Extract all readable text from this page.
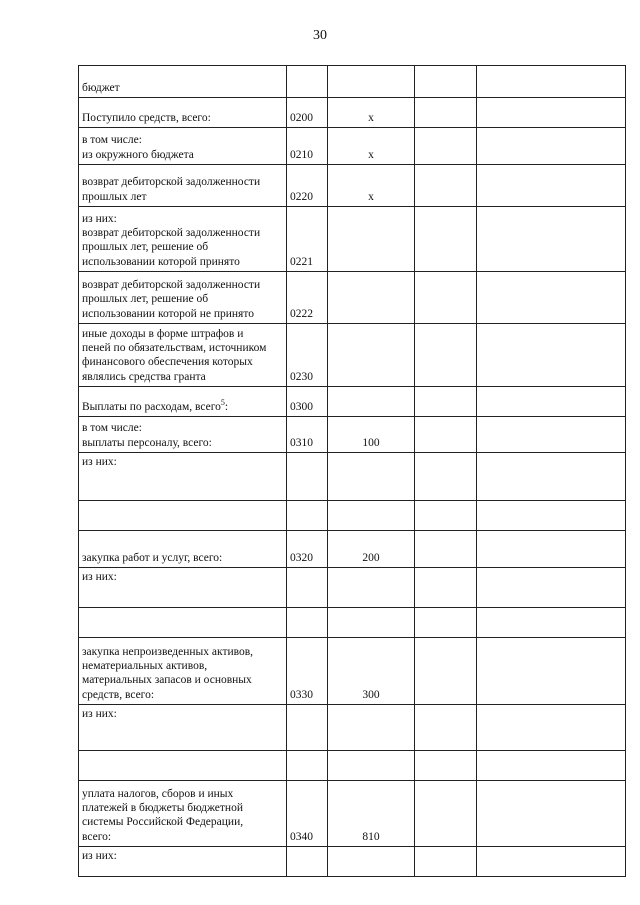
30
бюджет				

Поступило средств, всего:	0200	x		

в том числе:
из окружного бюджета	0210	x		

возврат дебиторской задолженности
прошлых лет	0220	x		

из них:
возврат дебиторской задолженности
прошлых лет, решение об
использовании которой принято	0221			

возврат дебиторской задолженности
прошлых лет, решение об
использовании которой не принято	0222			

иные доходы в форме штрафов и
пеней по обязательствам, источником
финансового обеспечения которых
являлись средства гранта	0230			

Выплаты по расходам, всего$^5$:	0300			

в том числе:
выплаты персоналу, всего:	0310	100		

из них:				

закупка работ и услуг, всего:	0320	200		

из них:				

закупка непроизведенных активов,
нематериальных активов,
материальных запасов и основных
средств, всего:	0330	300		

из них:				

уплата налогов, сборов и иных
платежей в бюджеты бюджетной
системы Российской Федерации,
всего:	0340	810		

из них:				
